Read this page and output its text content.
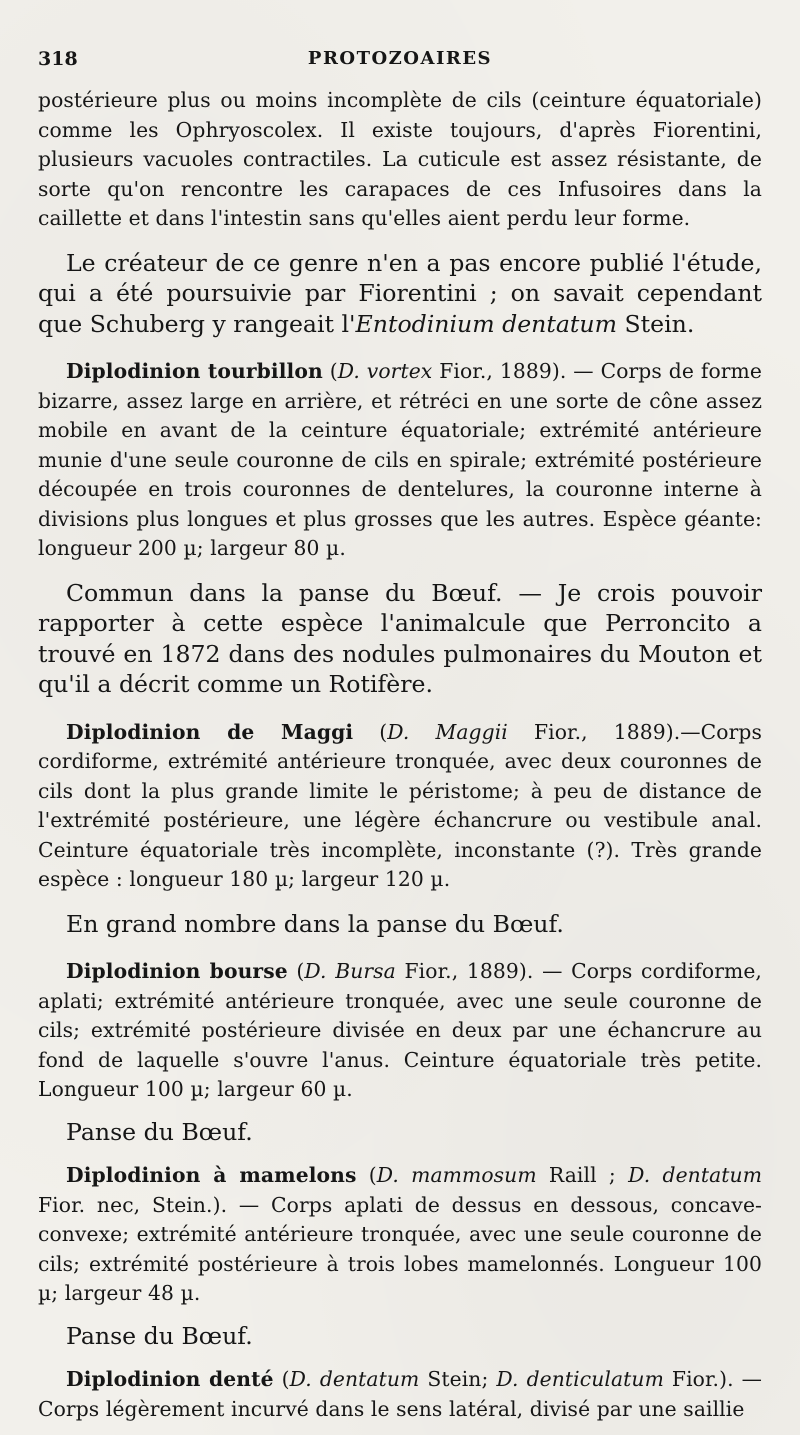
318	PROTOZOAIRES

postérieure plus ou moins incomplète de cils (ceinture équatoriale) comme les Ophryoscolex. Il existe toujours, d'après Fiorentini, plusieurs vacuoles contractiles. La cuticule est assez résistante, de sorte qu'on rencontre les carapaces de ces Infusoires dans la caillette et dans l'intestin sans qu'elles aient perdu leur forme.

Le créateur de ce genre n'en a pas encore publié l'étude, qui a été poursuivie par Fiorentini ; on savait cependant que Schuberg y rangeait l'Entodinium dentatum Stein.

Diplodinion tourbillon (D. vortex Fior., 1889). — Corps de forme bizarre, assez large en arrière, et rétréci en une sorte de cône assez mobile en avant de la ceinture équatoriale; extrémité antérieure munie d'une seule couronne de cils en spirale; extrémité postérieure découpée en trois couronnes de dentelures, la couronne interne à divisions plus longues et plus grosses que les autres. Espèce géante: longueur 200 µ; largeur 80 µ.

Commun dans la panse du Bœuf. — Je crois pouvoir rapporter à cette espèce l'animalcule que Perroncito a trouvé en 1872 dans des nodules pulmonaires du Mouton et qu'il a décrit comme un Rotifère.

Diplodinion de Maggi (D. Maggii Fior., 1889).—Corps cordiforme, extrémité antérieure tronquée, avec deux couronnes de cils dont la plus grande limite le péristome; à peu de distance de l'extrémité postérieure, une légère échancrure ou vestibule anal. Ceinture équatoriale très incomplète, inconstante (?). Très grande espèce : longueur 180 µ; largeur 120 µ.

En grand nombre dans la panse du Bœuf.

Diplodinion bourse (D. Bursa Fior., 1889). — Corps cordiforme, aplati; extrémité antérieure tronquée, avec une seule couronne de cils; extrémité postérieure divisée en deux par une échancrure au fond de laquelle s'ouvre l'anus. Ceinture équatoriale très petite. Longueur 100 µ; largeur 60 µ.

Panse du Bœuf.

Diplodinion à mamelons (D. mammosum Raill ; D. dentatum Fior. nec, Stein.). — Corps aplati de dessus en dessous, concave-convexe; extrémité antérieure tronquée, avec une seule couronne de cils; extrémité postérieure à trois lobes mamelonnés. Longueur 100 µ; largeur 48 µ.

Panse du Bœuf.

Diplodinion denté (D. dentatum Stein; D. denticulatum Fior.). — Corps légèrement incurvé dans le sens latéral, divisé par une saillie
